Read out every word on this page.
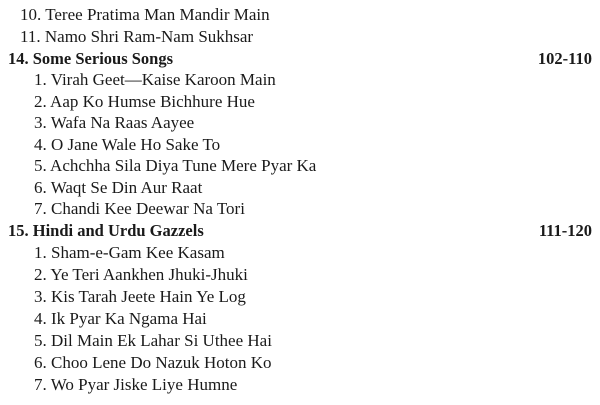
10. Teree Pratima Man Mandir Main
11. Namo Shri Ram-Nam Sukhsar
14. Some Serious Songs	102-110
1. Virah Geet—Kaise Karoon Main
2. Aap Ko Humse Bichhure Hue
3. Wafa Na Raas Aayee
4. O Jane Wale Ho Sake To
5. Achchha Sila Diya Tune Mere Pyar Ka
6. Waqt Se Din Aur Raat
7. Chandi Kee Deewar Na Tori
15. Hindi and Urdu Gazzels	111-120
1. Sham-e-Gam Kee Kasam
2. Ye Teri Aankhen Jhuki-Jhuki
3. Kis Tarah Jeete Hain Ye Log
4. Ik Pyar Ka Ngama Hai
5. Dil Main Ek Lahar Si Uthee Hai
6. Choo Lene Do Nazuk Hoton Ko
7. Wo Pyar Jiske Liye Humne
